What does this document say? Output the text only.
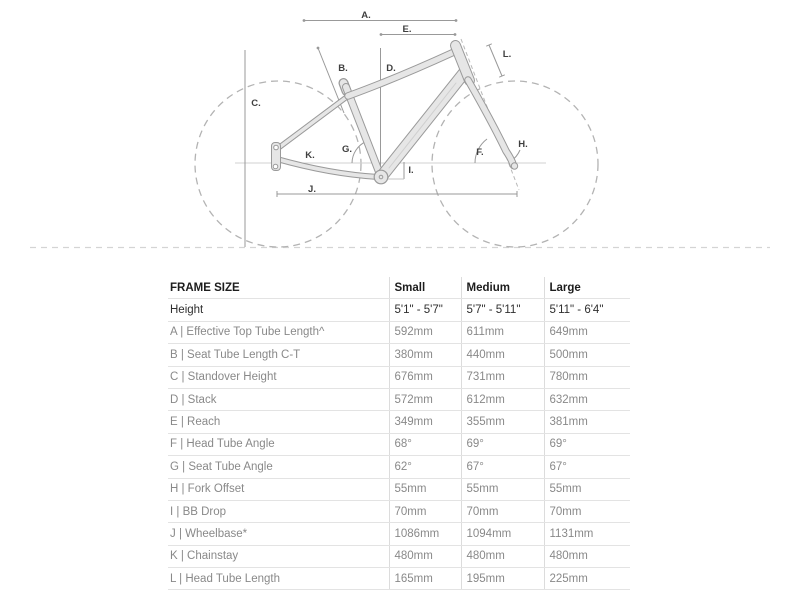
A.
E.
B.	D.
L.
C.
H.
G.	F.
K.
I.
J.
FRAME SIZE	Small	Medium	Large
Height	5'1" - 5'7"	5'7" - 5'11"	5'11" - 6'4"
A | Effective Top Tube Length^	592mm	611mm	649mm
B | Seat Tube Length C-T	380mm	440mm	500mm
C | Standover Height	676mm	731mm	780mm
D | Stack	572mm	612mm	632mm
E | Reach	349mm	355mm	381mm
F | Head Tube Angle	68°	69°	69°
G | Seat Tube Angle	62°	67°	67°
H | Fork Offset	55mm	55mm	55mm
I | BB Drop	70mm	70mm	70mm
J | Wheelbase*	1086mm	1094mm	1131mm
K | Chainstay	480mm	480mm	480mm
L | Head Tube Length	165mm	195mm	225mm
